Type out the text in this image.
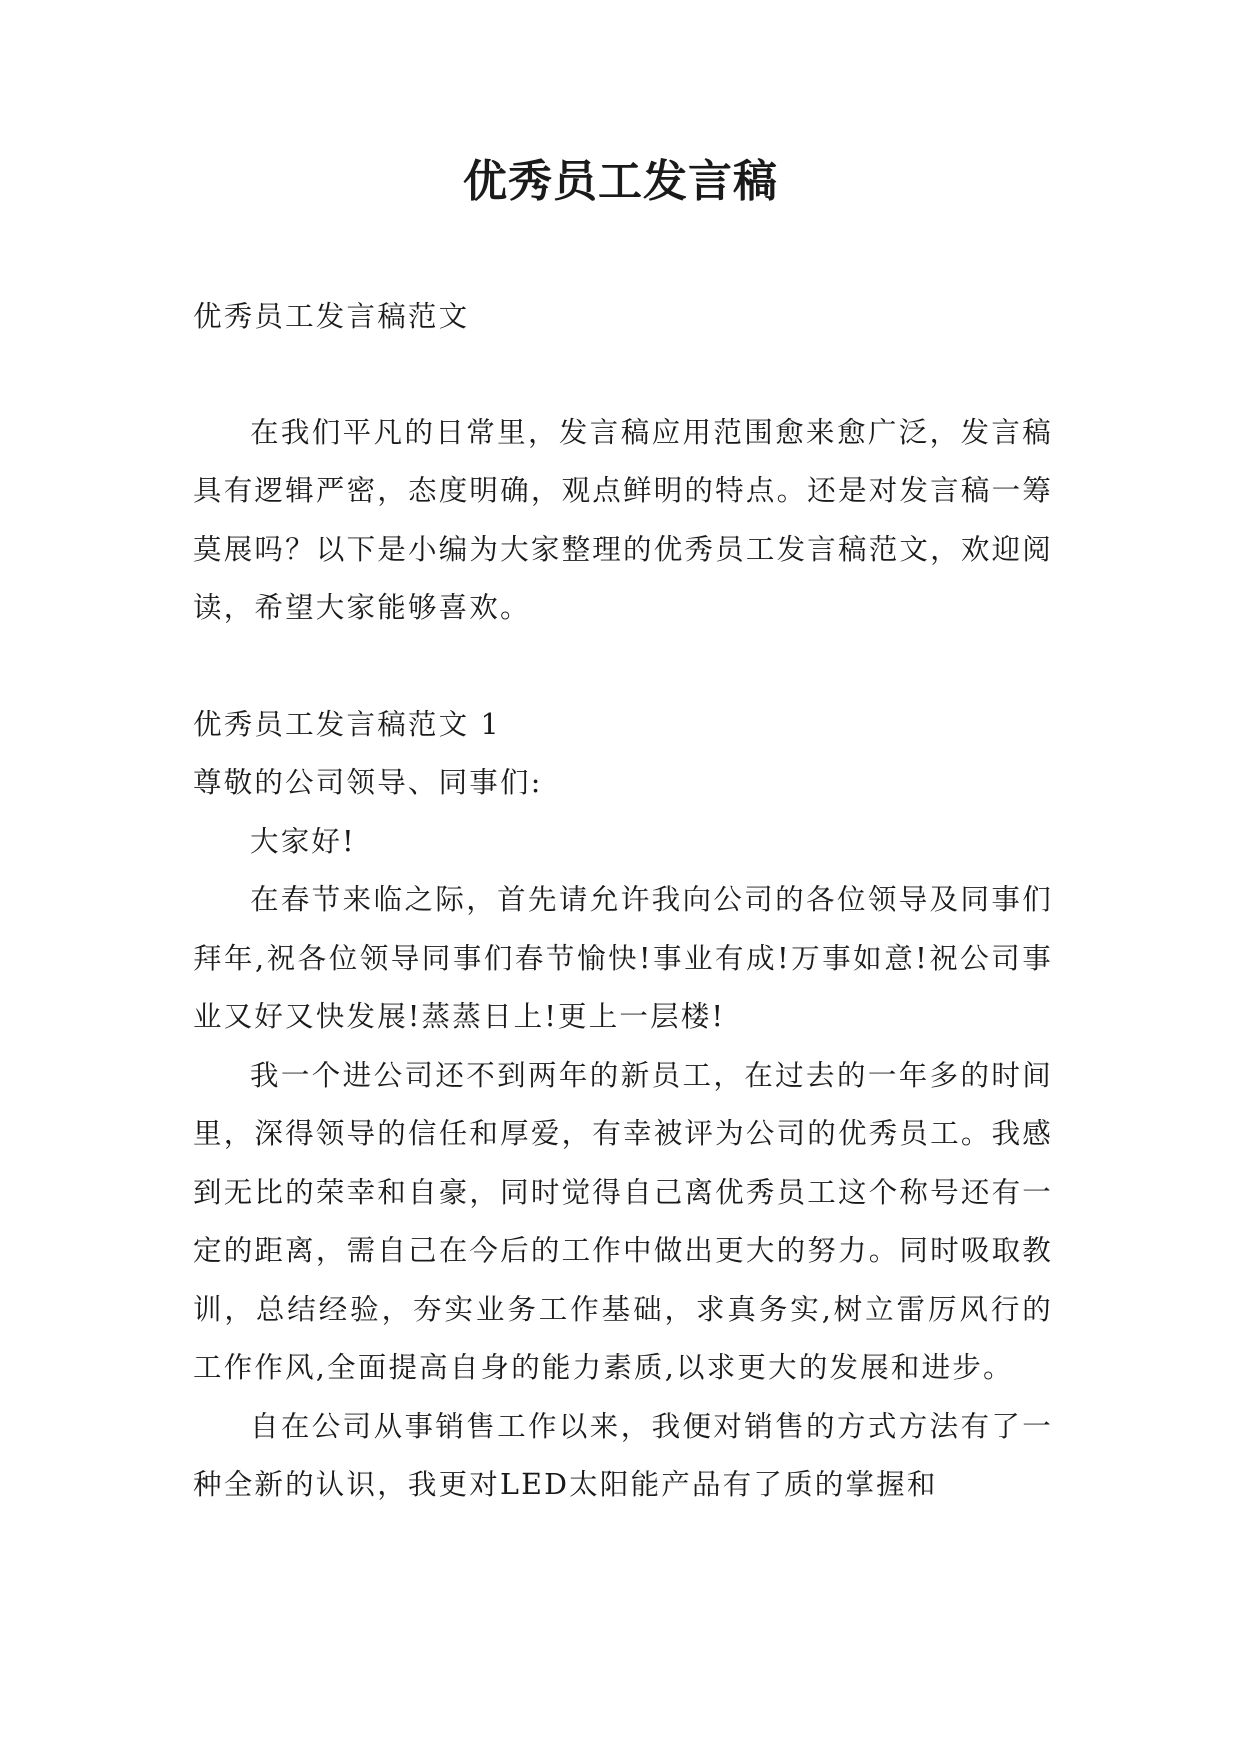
优秀员工发言稿

优秀员工发言稿范文

在我们平凡的日常里，发言稿应用范围愈来愈广泛，发言稿具有逻辑严密，态度明确，观点鲜明的特点。还是对发言稿一筹莫展吗？以下是小编为大家整理的优秀员工发言稿范文，欢迎阅读，希望大家能够喜欢。

优秀员工发言稿范文 1

尊敬的公司领导、同事们:

大家好!

在春节来临之际，首先请允许我向公司的各位领导及同事们拜年,祝各位领导同事们春节愉快!事业有成!万事如意!祝公司事业又好又快发展!蒸蒸日上!更上一层楼!

我一个进公司还不到两年的新员工，在过去的一年多的时间里，深得领导的信任和厚爱，有幸被评为公司的优秀员工。我感到无比的荣幸和自豪，同时觉得自己离优秀员工这个称号还有一定的距离，需自己在今后的工作中做出更大的努力。同时吸取教训，总结经验，夯实业务工作基础，求真务实,树立雷厉风行的工作作风,全面提高自身的能力素质,以求更大的发展和进步。

自在公司从事销售工作以来，我便对销售的方式方法有了一种全新的认识，我更对LED太阳能产品有了质的掌握和
